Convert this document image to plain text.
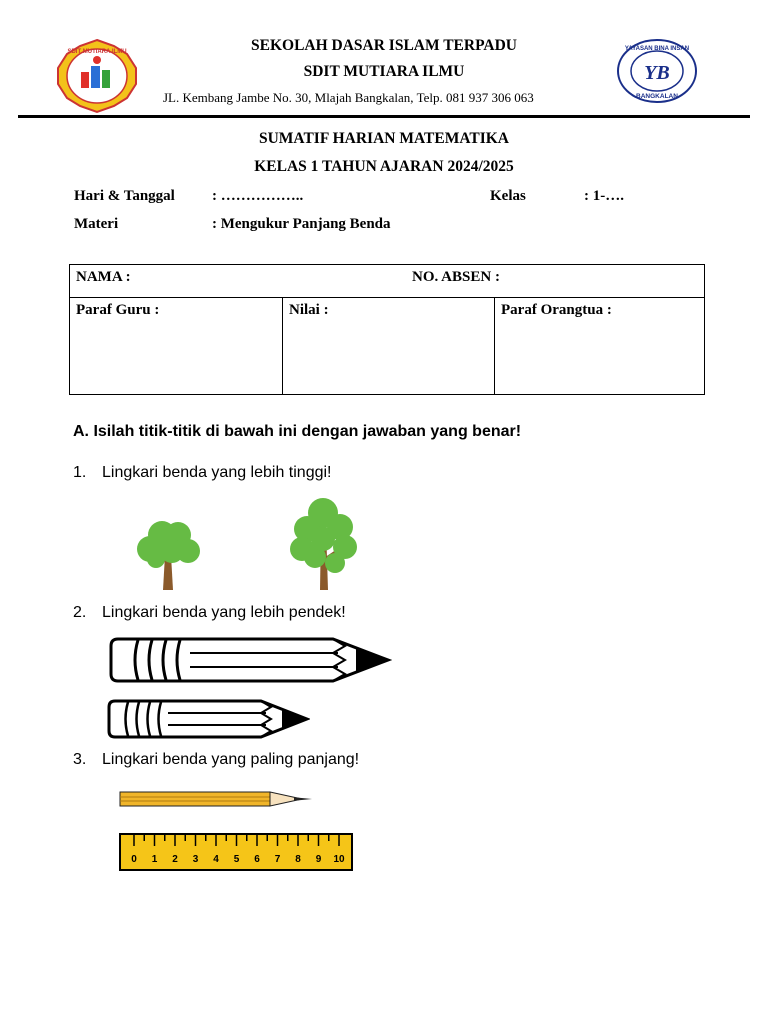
SDIT MUTIARA ILMU	SEKOLAH DASAR ISLAM TERPADU
SDIT MUTIARA ILMU
JL. Kembang Jambe No. 30, Mlajah Bangkalan, Telp. 081 937 306 063
YAYASAN BINA INSAN
YB
BANGKALAN
SUMATIF HARIAN MATEMATIKA
KELAS 1 TAHUN AJARAN 2024/2025
Hari & Tanggal : ……………..	Kelas	: 1-….
Materi	: Mengukur Panjang Benda
NAMA :	NO. ABSEN :

Paraf Guru :	Nilai :	Paraf Orangtua :
A. Isilah titik-titik di bawah ini dengan jawaban yang benar!
1. Lingkari benda yang lebih tinggi!
2. Lingkari benda yang lebih pendek!
3. Lingkari benda yang paling panjang!
0 1 2 3 4 5 6 7 8 9 10
